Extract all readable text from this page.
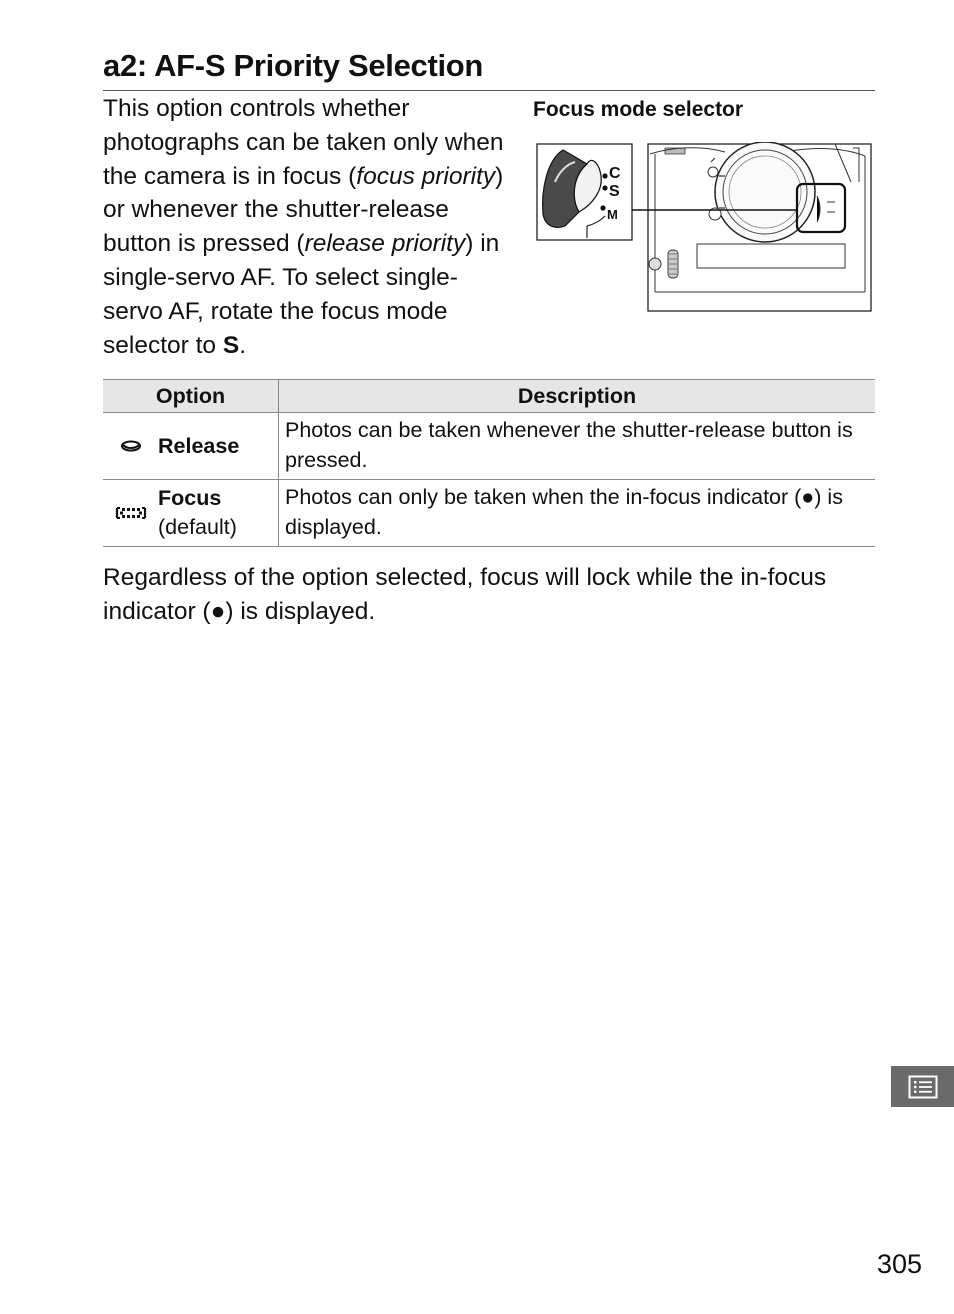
a2: AF-S Priority Selection

This option controls whether photographs can be taken only when the camera is in focus (focus priority) or whenever the shutter-release button is pressed (release priority) in single-servo AF. To select single-servo AF, rotate the focus mode selector to S.

Focus mode selector
C
S
M
Option	Description

Release	Photos can be taken whenever the shutter-release button is pressed.

Focus
(default)	Photos can only be taken when the in-focus indicator (●) is displayed.

Regardless of the option selected, focus will lock while the in-focus indicator (●) is displayed.

305
